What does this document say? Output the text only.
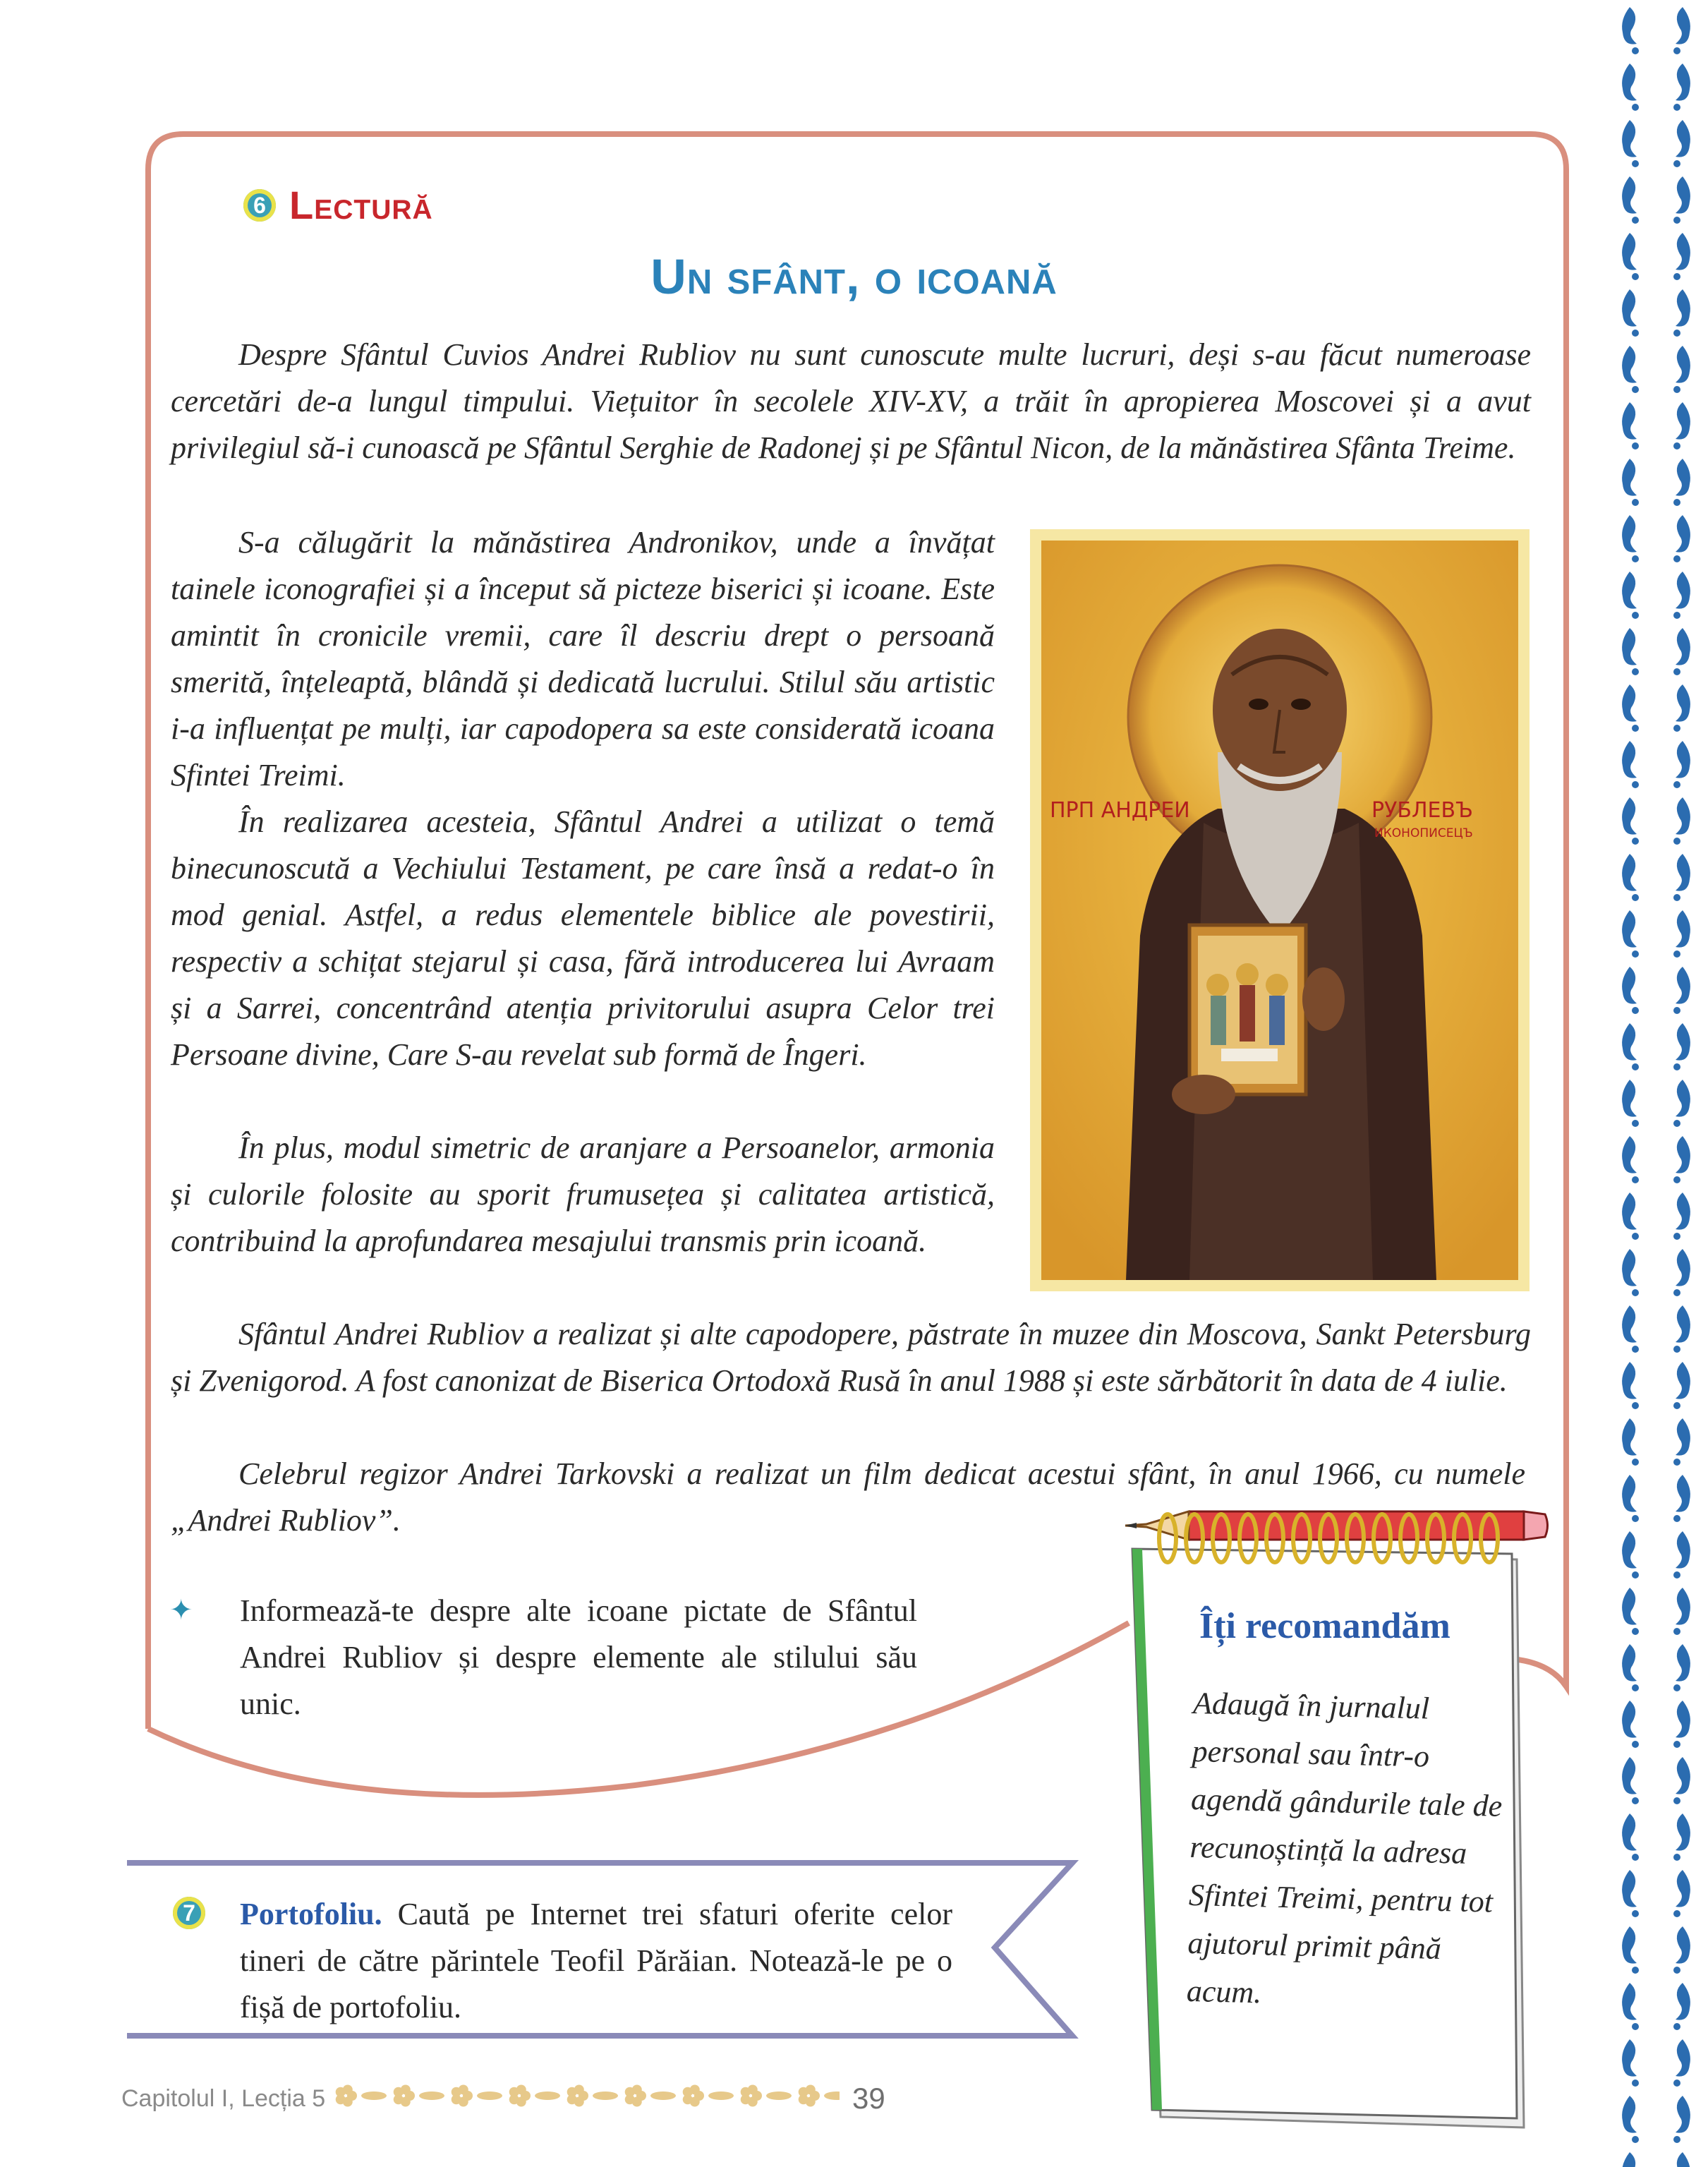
6 Lectură
Un sfânt, o icoană

Despre Sfântul Cuvios Andrei Rubliov nu sunt cunoscute multe lucruri, deși s-au făcut numeroase cercetări de-a lungul timpului. Viețuitor în secolele XIV-XV, a trăit în apropierea Moscovei și a avut privilegiul să-i cunoască pe Sfântul Serghie de Radonej și pe Sfântul Nicon, de la mănăstirea Sfânta Treime.

S-a călugărit la mănăstirea Andronikov, unde a învățat tainele iconografiei și a început să picteze biserici și icoane. Este amintit în cronicile vremii, care îl descriu drept o persoană smerită, înțeleaptă, blândă și dedicată lucrului. Stilul său artistic i-a influențat pe mulți, iar capodopera sa este considerată icoana Sfintei Treimi.

În realizarea acesteia, Sfântul Andrei a utilizat o temă binecunoscută a Vechiului Testament, pe care însă a redat-o în mod genial. Astfel, a redus elementele biblice ale povestirii, respectiv a schițat stejarul și casa, fără introducerea lui Avraam și a Sarrei, concentrând atenția privitorului asupra Celor trei Persoane divine, Care S-au revelat sub formă de Îngeri.

În plus, modul simetric de aranjare a Persoanelor, armonia și culorile folosite au sporit frumusețea și calitatea artistică, contribuind la aprofundarea mesajului transmis prin icoană.

Sfântul Andrei Rubliov a realizat și alte capodopere, păstrate în muzee din Moscova, Sankt Petersburg și Zvenigorod. A fost canonizat de Biserica Ortodoxă Rusă în anul 1988 și este sărbătorit în data de 4 iulie.

Celebrul regizor Andrei Tarkovski a realizat un film dedicat acestui sfânt, în anul 1966, cu numele „Andrei Rubliov”.

ПРП АНДРЕИ	РУБЛЕВЪ
ИКОНОПИСЕЦЪ
✦ Informează-te despre alte icoane pictate de Sfântul Andrei Rubliov și despre elemente ale stilului său unic.

7	Portofoliu. Caută pe Internet trei sfaturi oferite celor tineri de către părintele Teofil Părăian. Notează-le pe o fișă de portofoliu.

Îți recomandăm

Adaugă în jurnalul personal sau într-o agendă gândurile tale de recunoștință la adresa Sfintei Treimi, pentru tot ajutorul primit până acum.

Capitolul I, Lecția 5	39
